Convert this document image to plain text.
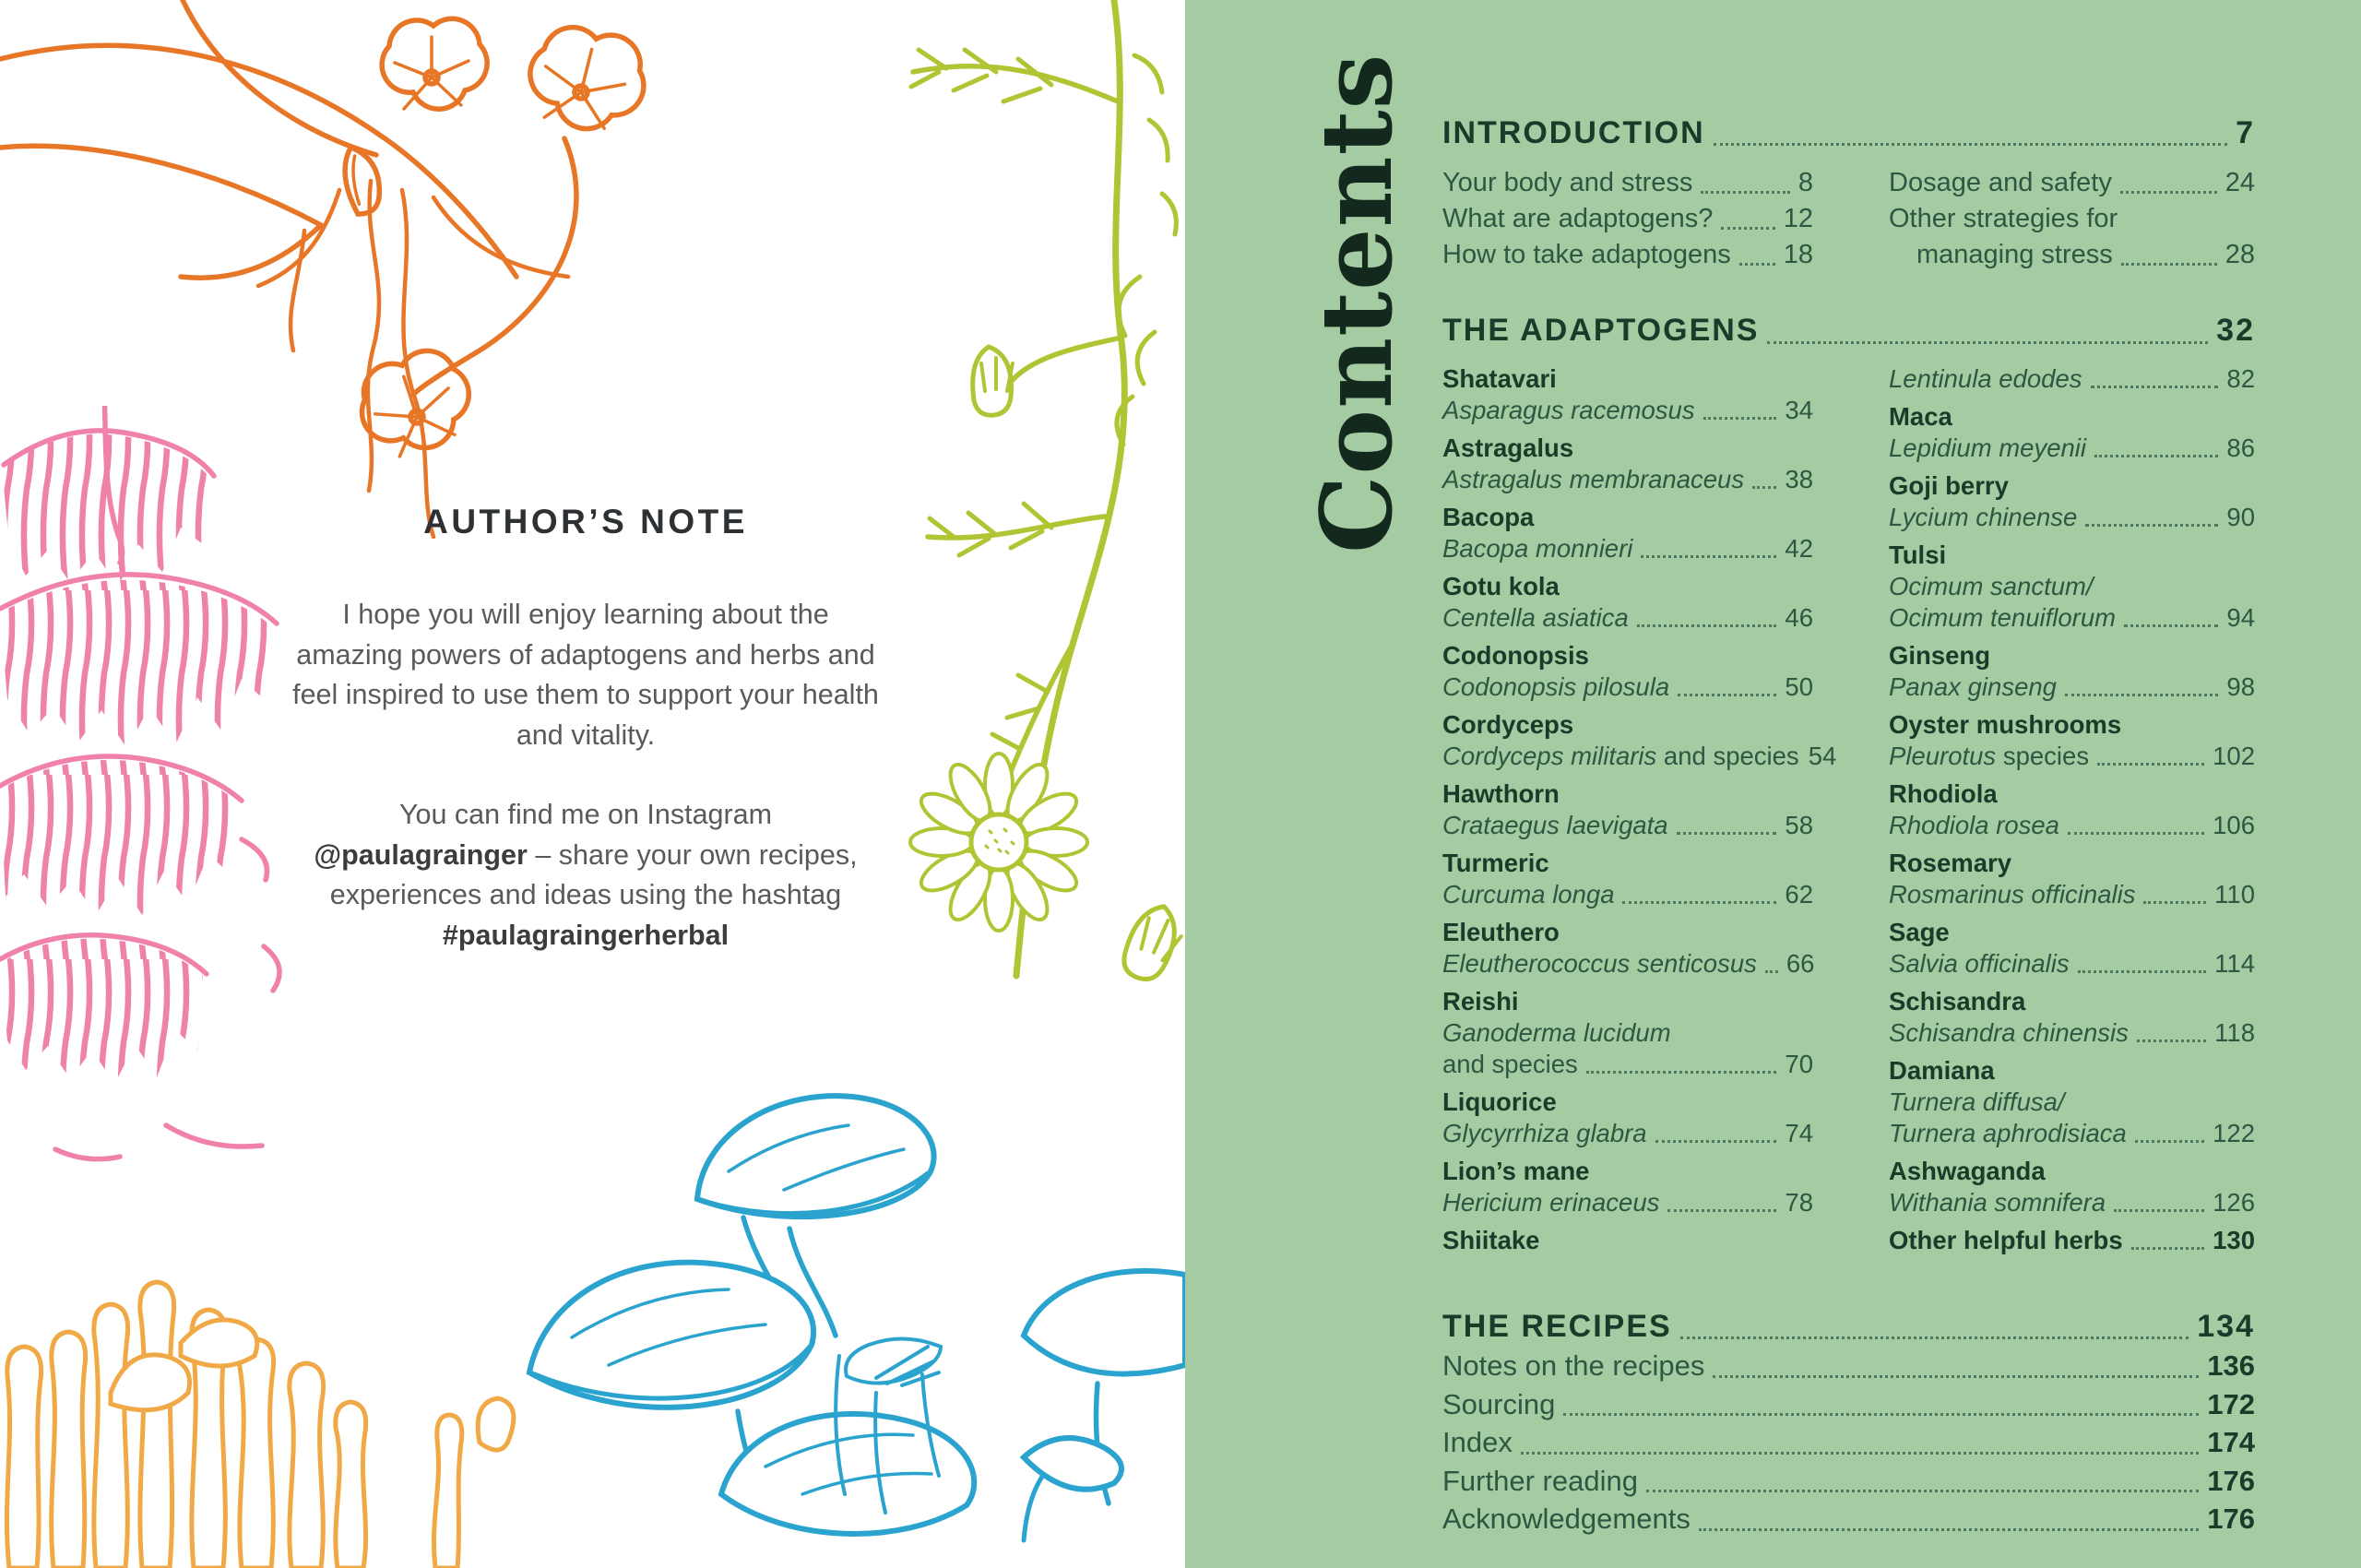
AUTHOR’S NOTE

I hope you will enjoy learning about the amazing powers of adaptogens and herbs and feel inspired to use them to support your health and vitality.

You can find me on Instagram @paulagrainger – share your own recipes, experiences and ideas using the hashtag #paulagraingerherbal

Contents INTRODUCTION	7
Your body and stress	8
What are adaptogens?	12
How to take adaptogens 18
Dosage and safety	24
Other strategies for
managing stress	28
THE ADAPTOGENS	32
Shatavari
Asparagus racemosus	34
Astragalus
Astragalus membranaceus 38
Bacopa
Bacopa monnieri	42
Gotu kola
Centella asiatica	46
Codonopsis
Codonopsis pilosula	50
Cordyceps
Cordyceps militaris and species 54
Hawthorn
Crataegus laevigata	58
Turmeric
Curcuma longa	62
Eleuthero
Eleutherococcus senticosus 66
Reishi
Ganoderma lucidum
and species	70
Liquorice
Glycyrrhiza glabra	74
Lion’s mane
Hericium erinaceus	78
Shiitake
Lentinula edodes	82
Maca
Lepidium meyenii	86
Goji berry
Lycium chinense	90
Tulsi
Ocimum sanctum/
Ocimum tenuiflorum	94
Ginseng
Panax ginseng	98
Oyster mushrooms
Pleurotus species	102
Rhodiola
Rhodiola rosea	106
Rosemary
Rosmarinus officinalis	110
Sage
Salvia officinalis	114
Schisandra
Schisandra chinensis	118
Damiana
Turnera diffusa/
Turnera aphrodisiaca	122
Ashwaganda
Withania somnifera	126
Other helpful herbs	130
THE RECIPES	134
Notes on the recipes	136
Sourcing	172
Index	174
Further reading	176
Acknowledgements	176
